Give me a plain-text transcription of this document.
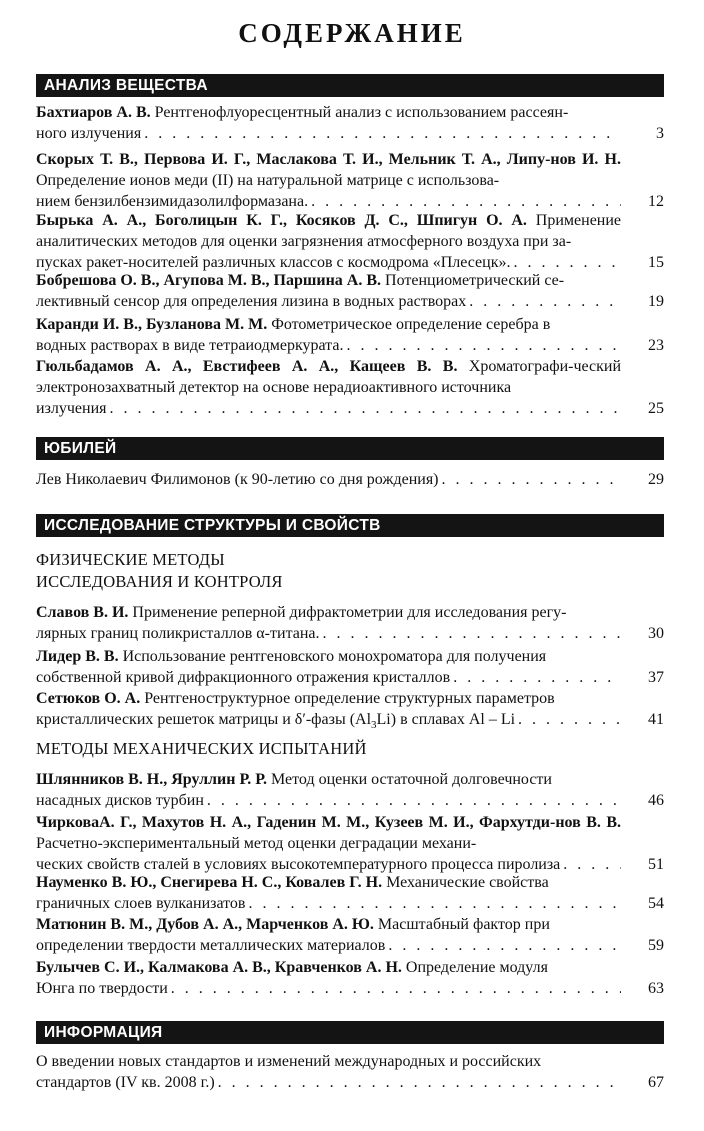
СОДЕРЖАНИЕ
АНАЛИЗ ВЕЩЕСТВА
Бахтиаров А. В. Рентгенофлуоресцентный анализ с использованием рассеян-
ного излучения . . .	3
Скорых Т. В., Первова И. Г., Маслакова Т. И., Мельник Т. А., Липу-нов И. Н. Определение ионов меди (II) на натуральной матрице с использова-
нием бензилбензимидазолилформазана. . . .	12
Бырька А. А., Боголицын К. Г., Косяков Д. С., Шпигун О. А. Применение аналитических методов для оценки загрязнения атмосферного воздуха при за-
пусках ракет-носителей различных классов с космодрома «Плесецк». . . .	15
Бобрешова О. В., Агупова М. В., Паршина А. В. Потенциометрический се-
лективный сенсор для определения лизина в водных растворах . . .	19
Каранди И. В., Бузланова М. М. Фотометрическое определение серебра в
водных растворах в виде тетраиодмеркурата. . . .	23
Гюльбадамов А. А., Евстифеев А. А., Кащеев В. В. Хроматографи-ческий электронозахватный детектор на основе нерадиоактивного источника
излучения . . .	25
ЮБИЛЕЙ
Лев Николаевич Филимонов (к 90-летию со дня рождения) . . .	29
ИССЛЕДОВАНИЕ СТРУКТУРЫ И СВОЙСТВ
ФИЗИЧЕСКИЕ МЕТОДЫ
ИССЛЕДОВАНИЯ И КОНТРОЛЯ
Славов В. И. Применение реперной дифрактометрии для исследования регу-
лярных границ поликристаллов α-титана. . . .	30
Лидер В. В. Использование рентгеновского монохроматора для получения
собственной кривой дифракционного отражения кристаллов . . .	37
Сетюков О. А. Рентгеноструктурное определение структурных параметров
кристаллических решеток матрицы и δ′-фазы $(Al_3Li)$ в сплавах Al – Li . . .	41
МЕТОДЫ МЕХАНИЧЕСКИХ ИСПЫТАНИЙ
Шлянников В. Н., Яруллин Р. Р. Метод оценки остаточной долговечности
насадных дисков турбин . . .	46
ЧирковаА. Г., Махутов Н. А., Гаденин М. М., Кузеев М. И., Фархутди-нов В. В. Расчетно-экспериментальный метод оценки деградации механи-
ческих свойств сталей в условиях высокотемпературного процесса пиролиза . . .	51
Науменко В. Ю., Снегирева Н. С., Ковалев Г. Н. Механические свойства
граничных слоев вулканизатов . . .	54
Матюнин В. М., Дубов А. А., Марченков А. Ю. Масштабный фактор при
определении твердости металлических материалов . . .	59
Булычев С. И., Калмакова А. В., Кравченков А. Н. Определение модуля
Юнга по твердости . . .	63
ИНФОРМАЦИЯ
О введении новых стандартов и изменений международных и российских
стандартов (IV кв. 2008 г.) . . .	67
